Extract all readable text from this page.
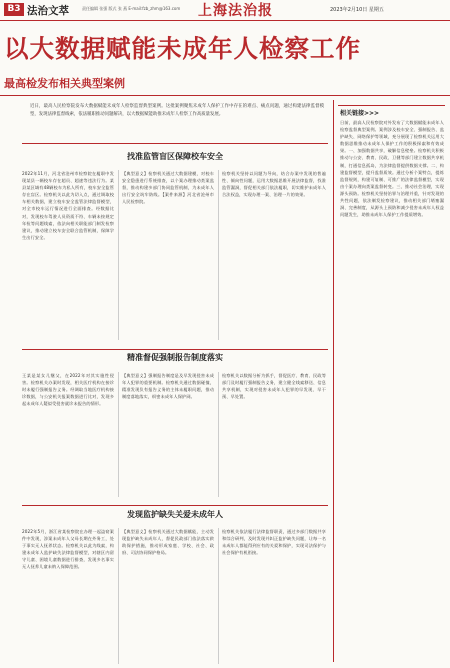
B3 法治文萃	责任编辑 张强 版式 张 燕 E-mail:fzb_zhm@163.com 上海法治报	2023年2月10日 星期五
以大数据赋能未成年人检察工作
最高检发布相关典型案例
近日，最高人民检察院发布大数据赋能未成年人检察监督典型案例。这批案例聚焦未成年人保护工作中存在的难点、痛点问题，通过构建法律监督模型，发现法律监督线索，依法履职推动问题解决，以大数据赋能助推未成年人检察工作高质量发展。
找准监管盲区保障校车安全
2022年11月，河北省沧州市检察院在履职中发现某县一辆校车存在超员、超速等违法行为。某县某区域有48辆校车为私人所有，校车安全监管存在盲区。检察机关以此为切入点，通过调取校车相关数据，建立校车安全监管法律监督模型，对全市校车运行情况进行全面排查。经数据比对，发现校车驾驶人员资质不符、车辆未按规定年检等问题线索，依法向相关职能部门制发检察建议，推动建立校车安全联合监管机制，保障学生出行安全。
【典型意义】检察机关通过大数据建模，对校车安全隐患进行系统排查，以个案办理推动类案监督，推动构建多部门协同监管机制，为未成年人出行安全筑牢防线。【案件来源】河北省沧州市人民检察院。
检察机关坚持以问题为导向，结合办案中发现的普遍性、倾向性问题，运用大数据思维开展法律监督，找准监管漏洞，督促相关部门依法履职，切实维护未成年人合法权益，实现办理一案、治理一片的效果。
精准督促强制报告制度落实
王某是某女儿继父，在2022年对其实施性侵害。检察机关办案时发现，相关医疗机构在接诊时未履行强制报告义务。经调取当地医疗机构接诊数据，与公安机关报案数据进行比对，发现多起未成年人疑似受侵害就诊未报告的情形。
【典型意义】强制报告制度是及早发现侵害未成年人犯罪的重要机制。检察机关通过数据碰撞，精准发现负有报告义务的主体未履职问题，推动制度落地落实，织密未成年人保护网。
检察机关以数据分析为抓手，督促医疗、教育、民政等部门及时履行强制报告义务，建立健全线索移送、信息共享机制，实现对侵害未成年人犯罪的早发现、早干预、早处置。
发现监护缺失关爱未成年人
2022年5月，浙江省某检察院在办理一起盗窃案件中发现，涉案未成年人父母长期在外务工，处于事实无人抚养状态。检察机关以此为线索，构建未成年人监护缺失法律监督模型，对辖区内留守儿童、困境儿童数据进行排查，发现多名事实无人抚养儿童未纳入保障范围。
【典型意义】检察机关通过大数据赋能，主动发现监护缺失未成年人，督促民政部门依法落实救助保护措施，推动形成家庭、学校、社会、政府、司法协同保护格局。
检察机关依法履行法律监督职责，通过多部门数据共享和综合研判，及时发现并纠正监护缺失问题，让每一名未成年人都能得到应有的关爱和保护，实现司法保护与社会保护有机衔接。
相关链接>>>
日前，最高人民检察院对外发布了大数据赋能未成年人检察监督典型案例。案例涉及校车安全、强制报告、监护缺失、网络保护等领域，充分展现了检察机关运用大数据思维推动未成年人保护工作的积极探索和有效成果。一、加强数据共享，破解信息壁垒。检察机关积极推动与公安、教育、民政、卫健等部门建立数据共享机制，打通信息孤岛，为法律监督提供数据支撑。二、构建监督模型，提升监督质效。通过分析个案特点，提炼监督规则，构建可复制、可推广的法律监督模型，实现由个案办理向类案监督转变。三、推动社会治理，实现源头预防。检察机关坚持治罪与治理并重，针对发现的共性问题，依法制发检察建议，推动相关部门堵塞漏洞、完善制度，从源头上预防和减少侵害未成年人权益问题发生，助推未成年人保护工作提质增效。
